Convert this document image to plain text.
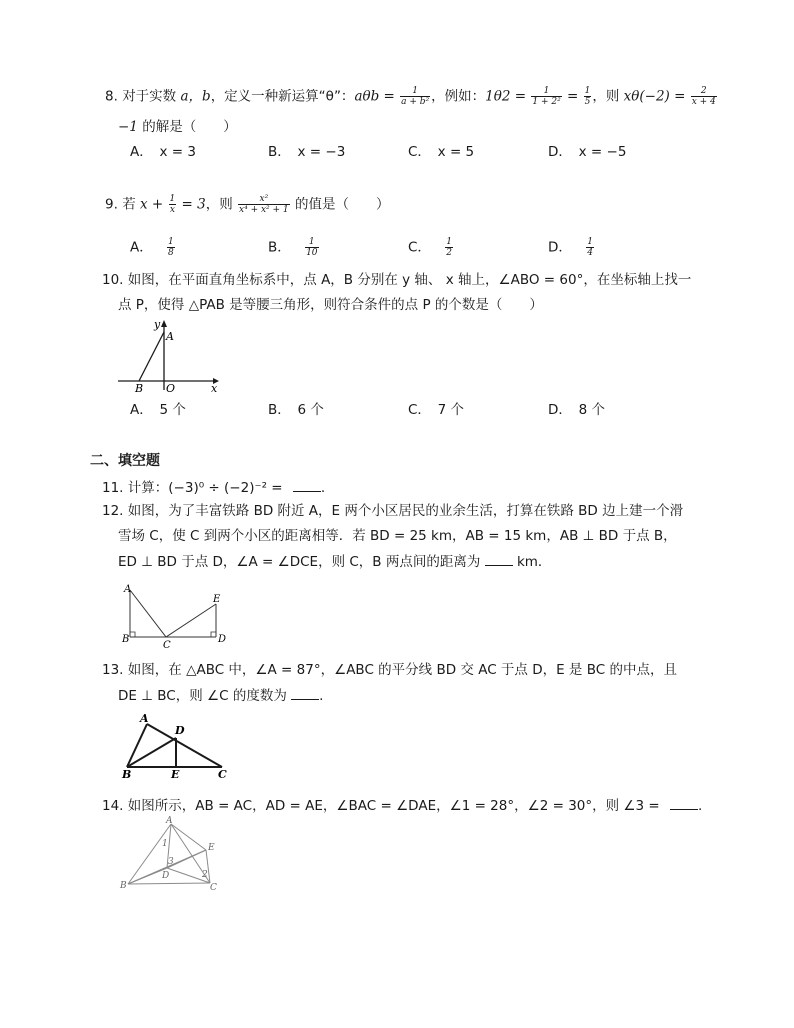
8. 对于实数 a，b，定义一种新运算“θ”：$a\theta b = \frac{1}{\text{a + b²}}$ ，例如：$1\theta 2 = \frac{1}{\text{1 + 2²}} = \frac{1}{5}$ ，则 $x\theta(-2) = \frac{2}{x + 4}$
−1 的解是（　　）
A．　x = 3	B．　x = −3	C．　x = 5	D．　x = −5
9. 若 $x + \frac{1}{x} = 3$，则 $\frac{\text{x²}}{\text{x⁴ + x² + 1}}$ 的值是（　　）
A． $\frac{1}{8}$	B． $\frac{1}{10}$	C． $\frac{1}{2}$	D． $\frac{1}{4}$
10. 如图，在平面直角坐标系中，点 A，B 分别在 y 轴、 x 轴上，∠ABO = 60°，在坐标轴上找一
点 P，使得 △PAB 是等腰三角形，则符合条件的点 P 的个数是（　　）
y
A
B O	x
A．　5 个	B．　6 个	C．　7 个	D．　8 个
二、填空题
11. 计算：(−3)⁰ ÷ (−2)⁻² =	.
12. 如图，为了丰富铁路 BD 附近 A，E 两个小区居民的业余生活，打算在铁路 BD 边上建一个滑
雪场 C，使 C 到两个小区的距离相等．若 BD = 25 km，AB = 15 km，AB ⊥ BD 于点 B，
ED ⊥ BD 于点 D，∠A = ∠DCE，则 C，B 两点间的距离为	km．
A
B
C
D
E
13. 如图，在 △ABC 中，∠A = 87°，∠ABC 的平分线 BD 交 AC 于点 D，E 是 BC 的中点，且
DE ⊥ BC，则 ∠C 的度数为 .
A
D
B	E	C
14. 如图所示，AB = AC，AD = AE，∠BAC = ∠DAE，∠1 = 28°，∠2 = 30°，则 ∠3 =	.
A
1	E
3
D	2
B	C
